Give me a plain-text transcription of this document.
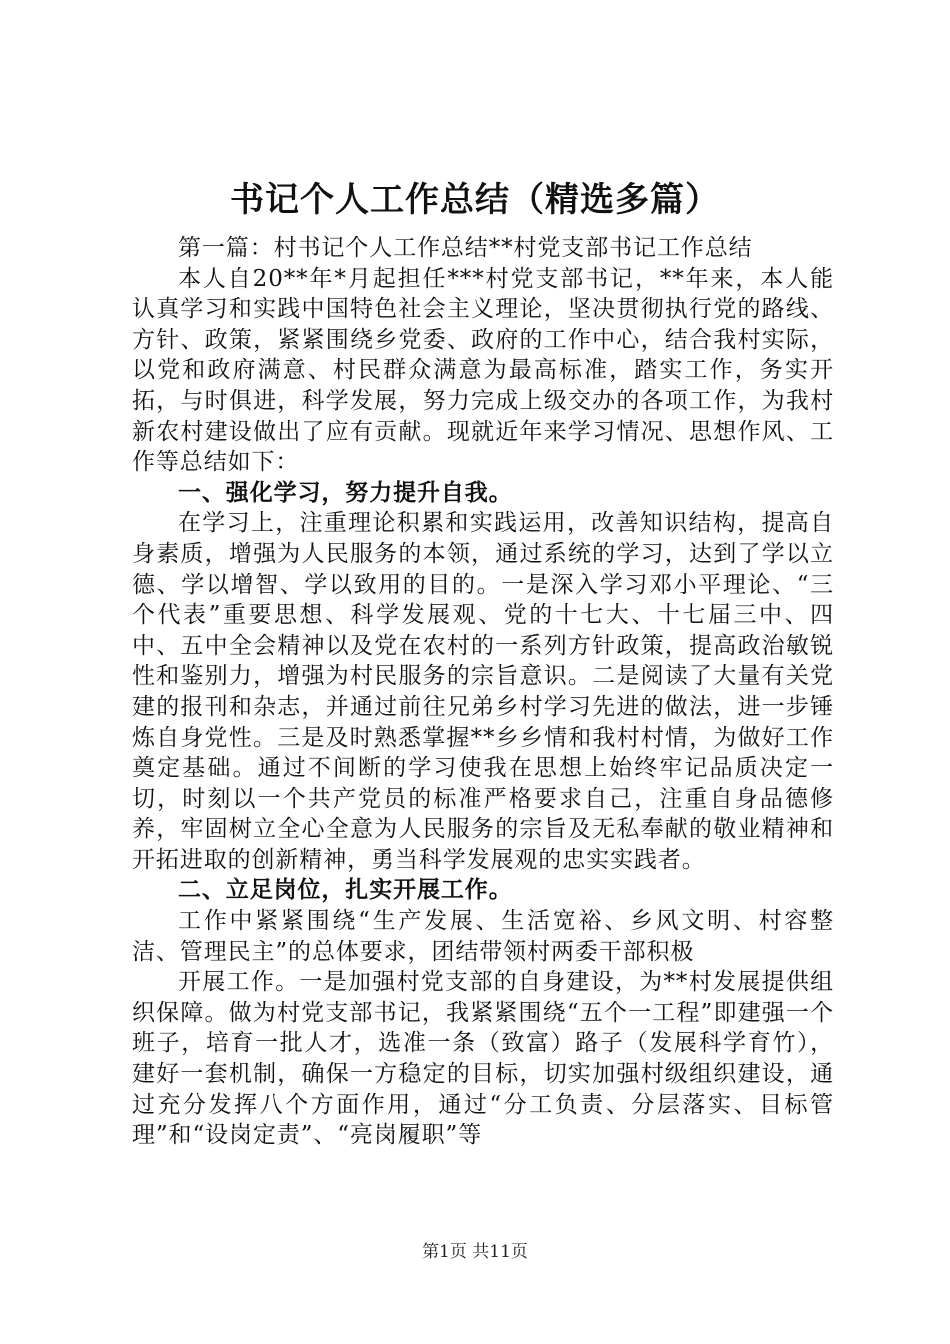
书记个人工作总结（精选多篇）

第一篇：村书记个人工作总结**村党支部书记工作总结

本人自20**年*月起担任***村党支部书记，**年来，本人能认真学习和实践中国特色社会主义理论，坚决贯彻执行党的路线、方针、政策，紧紧围绕乡党委、政府的工作中心，结合我村实际，以党和政府满意、村民群众满意为最高标准，踏实工作，务实开拓，与时俱进，科学发展，努力完成上级交办的各项工作，为我村新农村建设做出了应有贡献。现就近年来学习情况、思想作风、工作等总结如下：

一、强化学习，努力提升自我。

在学习上，注重理论积累和实践运用，改善知识结构，提高自身素质，增强为人民服务的本领，通过系统的学习，达到了学以立德、学以增智、学以致用的目的。一是深入学习邓小平理论、“三个代表”重要思想、科学发展观、党的十七大、十七届三中、四中、五中全会精神以及党在农村的一系列方针政策，提高政治敏锐性和鉴别力，增强为村民服务的宗旨意识。二是阅读了大量有关党建的报刊和杂志，并通过前往兄弟乡村学习先进的做法，进一步锤炼自身党性。三是及时熟悉掌握**乡乡情和我村村情，为做好工作奠定基础。通过不间断的学习使我在思想上始终牢记品质决定一切，时刻以一个共产党员的标准严格要求自己，注重自身品德修养，牢固树立全心全意为人民服务的宗旨及无私奉献的敬业精神和开拓进取的创新精神，勇当科学发展观的忠实实践者。

二、立足岗位，扎实开展工作。

工作中紧紧围绕“生产发展、生活宽裕、乡风文明、村容整洁、管理民主”的总体要求，团结带领村两委干部积极

开展工作。一是加强村党支部的自身建设，为**村发展提供组织保障。做为村党支部书记，我紧紧围绕“五个一工程”即建强一个班子，培育一批人才，选准一条（致富）路子（发展科学育竹），建好一套机制，确保一方稳定的目标，切实加强村级组织建设，通过充分发挥八个方面作用，通过“分工负责、分层落实、目标管理”和“设岗定责”、“亮岗履职”等

第1页 共11页
